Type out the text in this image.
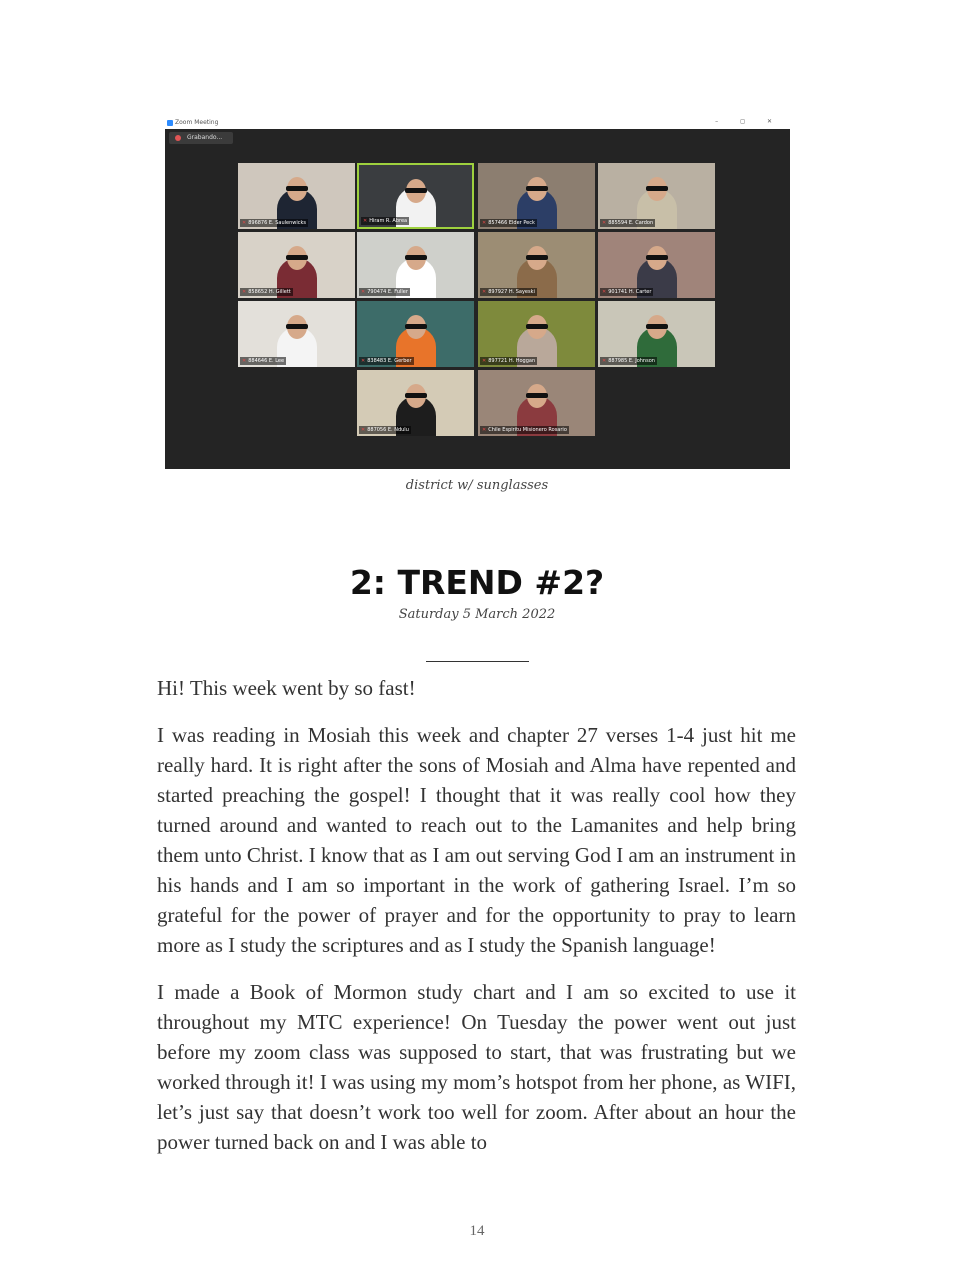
Zoom Meeting	– ◻ ✕
Grabando...
✕ 896876 E. Saulenwicks	✕ Hiram R. Abrea	✕ 857466 Elder Peck	✕ 885594 E. Cardon
✕ 858652 H. Gillett	✕ 790474 E. Fuller	✕ 897927 H. Sayeski	✕ 901741 H. Carter
✕ 884646 E. Lee	✕ 838483 E. Gerber	✕ 897721 H. Hoggan	✕ 887985 E. Johnson
✕ 887056 E. Ndulu	✕ Chile Espiritu Misionero Rosario
district w/ sunglasses
2: TREND #2?
Saturday 5 March 2022

Hi! This week went by so fast!

I was reading in Mosiah this week and chapter 27 verses 1-4 just hit me really hard. It is right after the sons of Mosiah and Alma have repented and started preaching the gospel! I thought that it was really cool how they turned around and wanted to reach out to the Lamanites and help bring them unto Christ. I know that as I am out serving God I am an instrument in his hands and I am so important in the work of gathering Israel. I’m so grateful for the power of prayer and for the opportunity to pray to learn more as I study the scriptures and as I study the Spanish language!

I made a Book of Mormon study chart and I am so excited to use it throughout my MTC experience! On Tuesday the power went out just before my zoom class was supposed to start, that was frustrating but we worked through it! I was using my mom’s hotspot from her phone, as WIFI, let’s just say that doesn’t work too well for zoom. After about an hour the power turned back on and I was able to

14
